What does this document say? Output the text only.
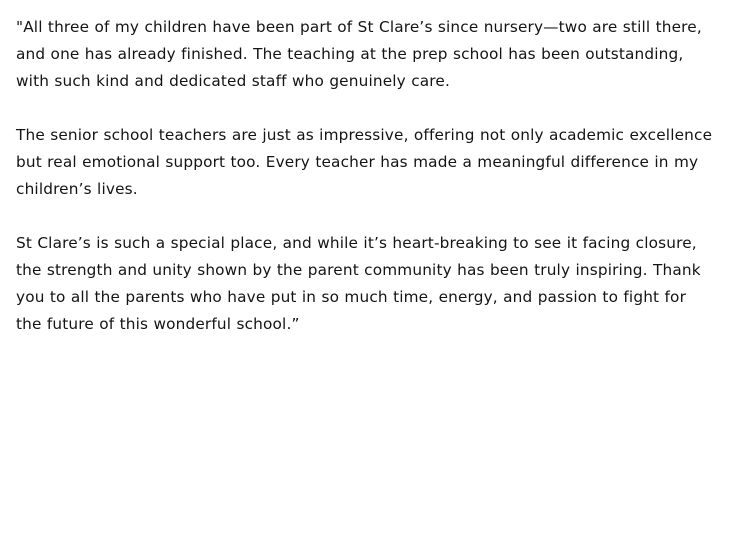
"All three of my children have been part of St Clare’s since nursery—two are still there, and one has already finished. The teaching at the prep school has been outstanding, with such kind and dedicated staff who genuinely care.

The senior school teachers are just as impressive, offering not only academic excellence but real emotional support too. Every teacher has made a meaningful difference in my children’s lives.

St Clare’s is such a special place, and while it’s heart-breaking to see it facing closure, the strength and unity shown by the parent community has been truly inspiring. Thank you to all the parents who have put in so much time, energy, and passion to fight for the future of this wonderful school.”
